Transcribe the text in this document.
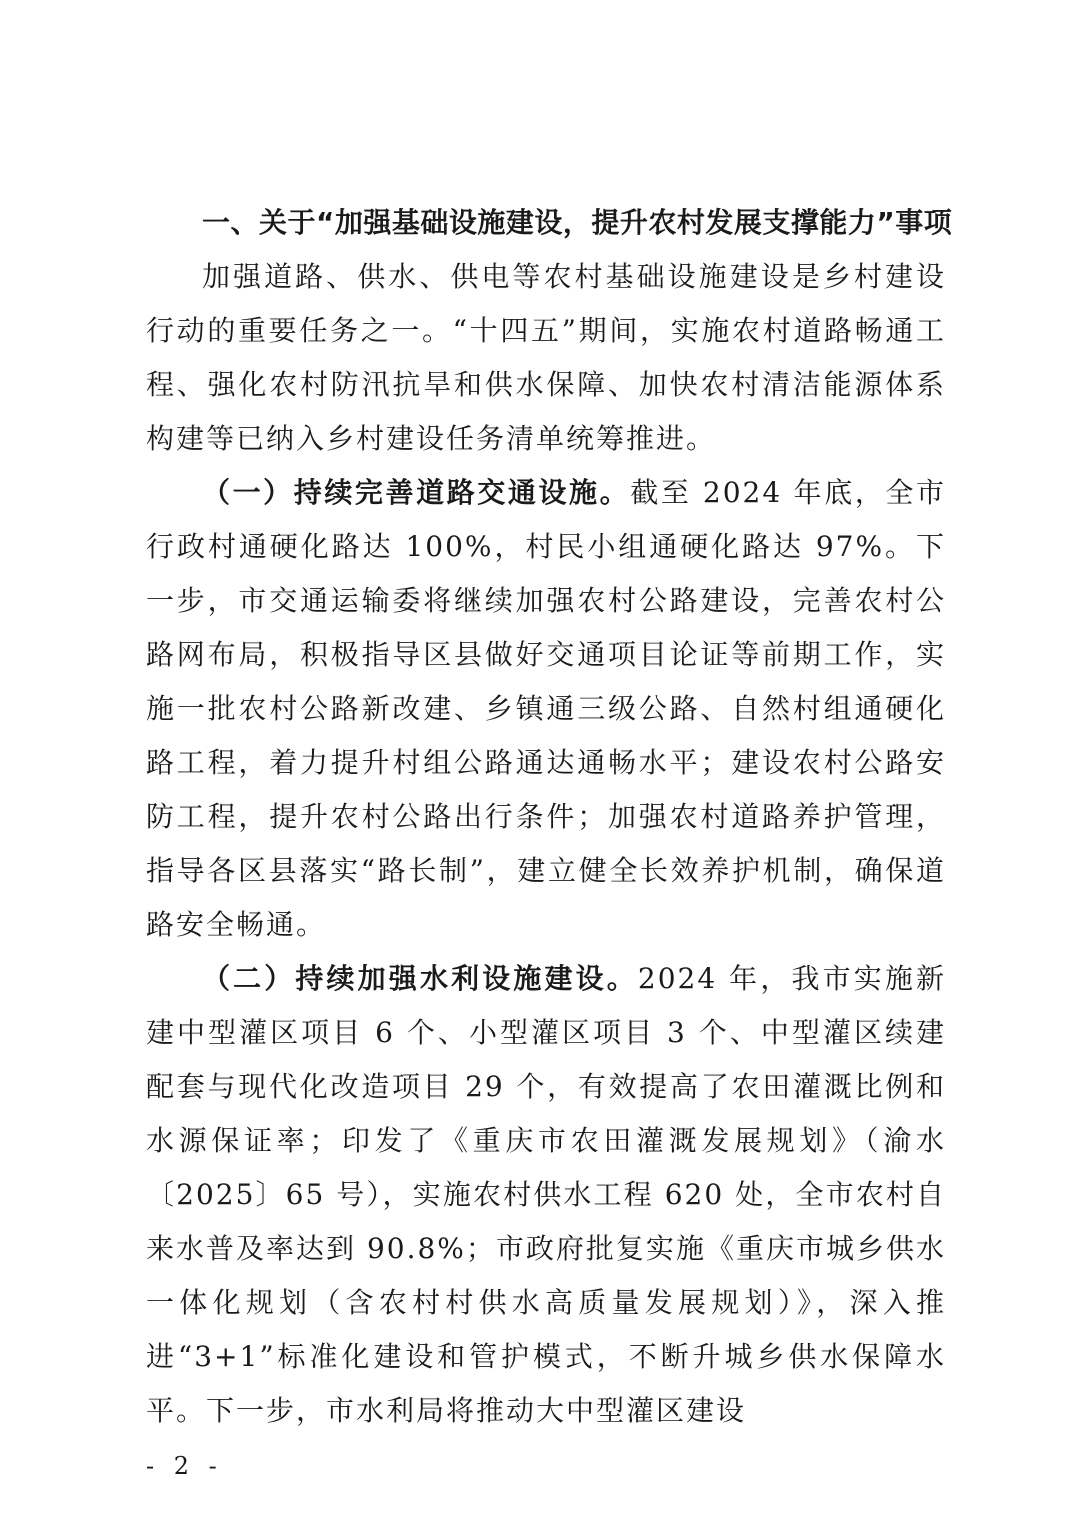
一、关于“加强基础设施建设，提升农村发展支撑能力”事项

加强道路、供水、供电等农村基础设施建设是乡村建设行动的重要任务之一。“十四五”期间，实施农村道路畅通工程、强化农村防汛抗旱和供水保障、加快农村清洁能源体系构建等已纳入乡村建设任务清单统筹推进。

（一）持续完善道路交通设施。截至 2024 年底，全市行政村通硬化路达 100%，村民小组通硬化路达 97%。下一步，市交通运输委将继续加强农村公路建设，完善农村公路网布局，积极指导区县做好交通项目论证等前期工作，实施一批农村公路新改建、乡镇通三级公路、自然村组通硬化路工程，着力提升村组公路通达通畅水平；建设农村公路安防工程，提升农村公路出行条件；加强农村道路养护管理，指导各区县落实“路长制”，建立健全长效养护机制，确保道路安全畅通。

（二）持续加强水利设施建设。2024 年，我市实施新建中型灌区项目 6 个、小型灌区项目 3 个、中型灌区续建配套与现代化改造项目 29 个，有效提高了农田灌溉比例和水源保证率；印发了《重庆市农田灌溉发展规划》（渝水〔2025〕65 号），实施农村供水工程 620 处，全市农村自来水普及率达到 90.8%；市政府批复实施《重庆市城乡供水一体化规划（含农村村供水高质量发展规划）》，深入推进“3+1”标准化建设和管护模式，不断升城乡供水保障水平。下一步，市水利局将推动大中型灌区建设

- 2 -
